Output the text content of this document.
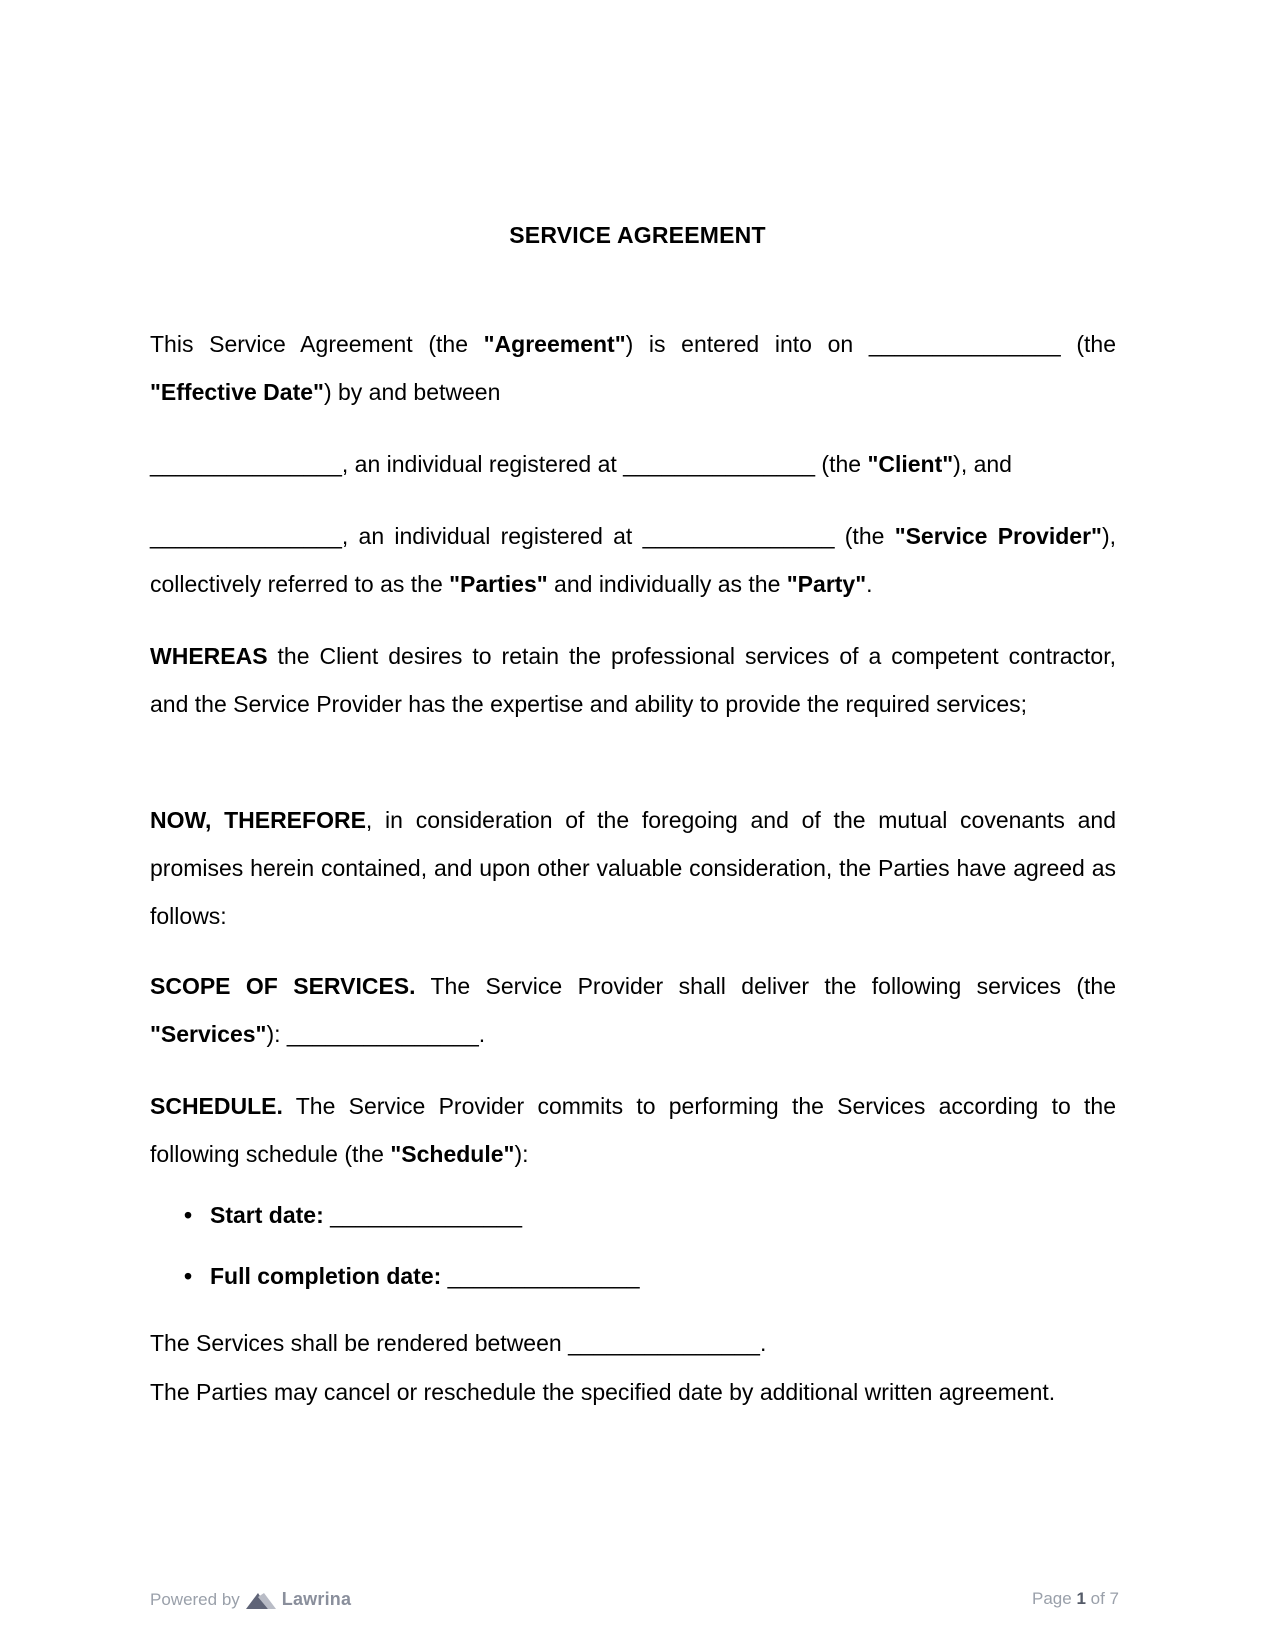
SERVICE AGREEMENT

This Service Agreement (the "Agreement") is entered into on _______________ (the "Effective Date") by and between

_______________, an individual registered at _______________ (the "Client"), and

_______________, an individual registered at _______________ (the "Service Provider"), collectively referred to as the "Parties" and individually as the "Party".

WHEREAS the Client desires to retain the professional services of a competent contractor, and the Service Provider has the expertise and ability to provide the required services;

NOW, THEREFORE, in consideration of the foregoing and of the mutual covenants and promises herein contained, and upon other valuable consideration, the Parties have agreed as follows:

SCOPE OF SERVICES. The Service Provider shall deliver the following services (the "Services"): _______________.

SCHEDULE. The Service Provider commits to performing the Services according to the following schedule (the "Schedule"):

• Start date: _______________
• Full completion date: _______________

The Services shall be rendered between _______________.

The Parties may cancel or reschedule the specified date by additional written agreement.

Powered by Lawrina	Page 1 of 7
